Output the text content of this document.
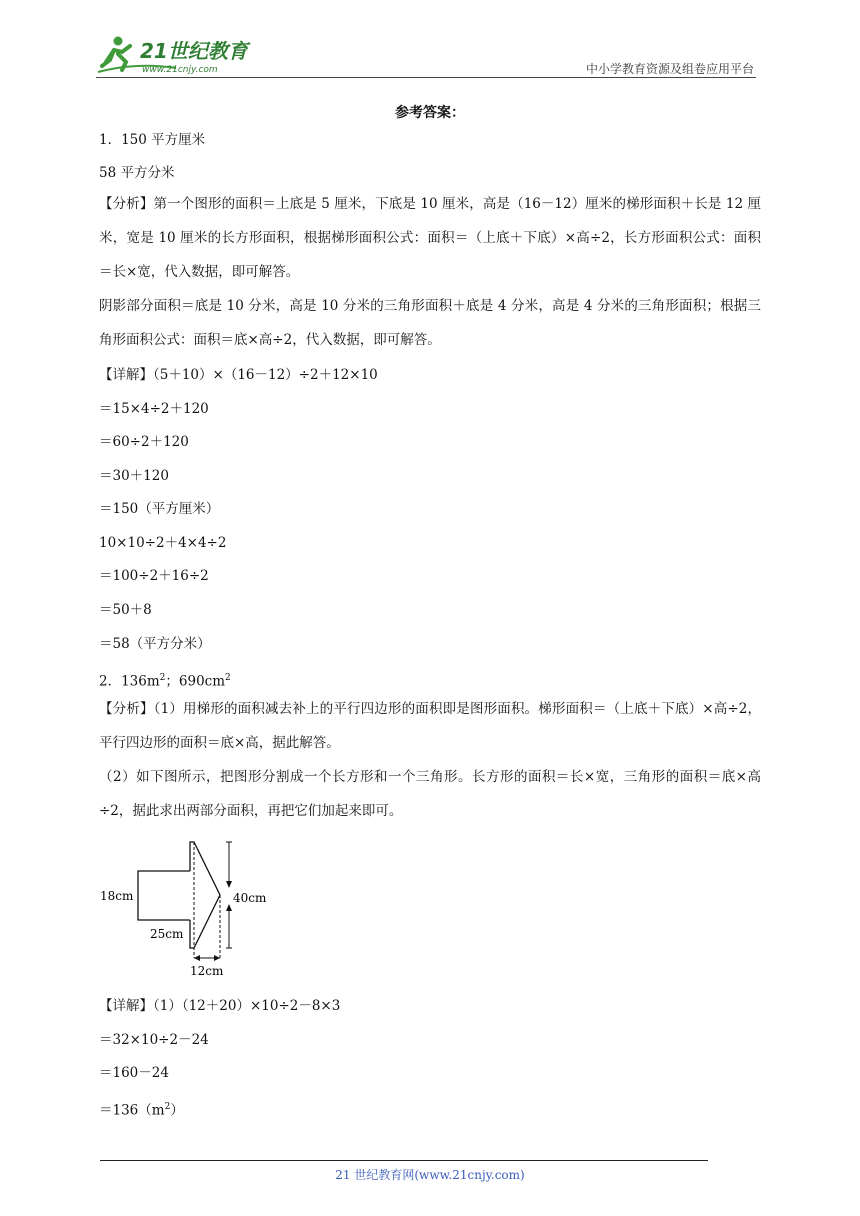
21世纪教育
www.21cnjy.com	中小学教育资源及组卷应用平台
参考答案：
1．150 平方厘米
58 平方分米
【分析】第一个图形的面积＝上底是 5 厘米，下底是 10 厘米，高是（16－12）厘米的梯形面积＋长是 12 厘米，宽是 10 厘米的长方形面积，根据梯形面积公式：面积＝（上底＋下底）×高÷2，长方形面积公式：面积＝长×宽，代入数据，即可解答。
阴影部分面积＝底是 10 分米，高是 10 分米的三角形面积＋底是 4 分米，高是 4 分米的三角形面积；根据三角形面积公式：面积＝底×高÷2，代入数据，即可解答。
【详解】（5＋10）×（16－12）÷2＋12×10
＝15×4÷2＋120
＝60÷2＋120
＝30＋120
＝150（平方厘米）
10×10÷2＋4×4÷2
＝100÷2＋16÷2
＝50＋8
＝58（平方分米）
2．$136m^2$；$690cm^2$
【分析】（1）用梯形的面积减去补上的平行四边形的面积即是图形面积。梯形面积＝（上底＋下底）×高÷2，平行四边形的面积＝底×高，据此解答。
（2）如下图所示，把图形分割成一个长方形和一个三角形。长方形的面积＝长×宽，三角形的面积＝底×高÷2，据此求出两部分面积，再把它们加起来即可。
18cm
25cm
40cm
12cm
【详解】（1）（12＋20）×10÷2－8×3
＝32×10÷2－24
＝160－24
$=136(m^2)$
21 世纪教育网(www.21cnjy.com)
